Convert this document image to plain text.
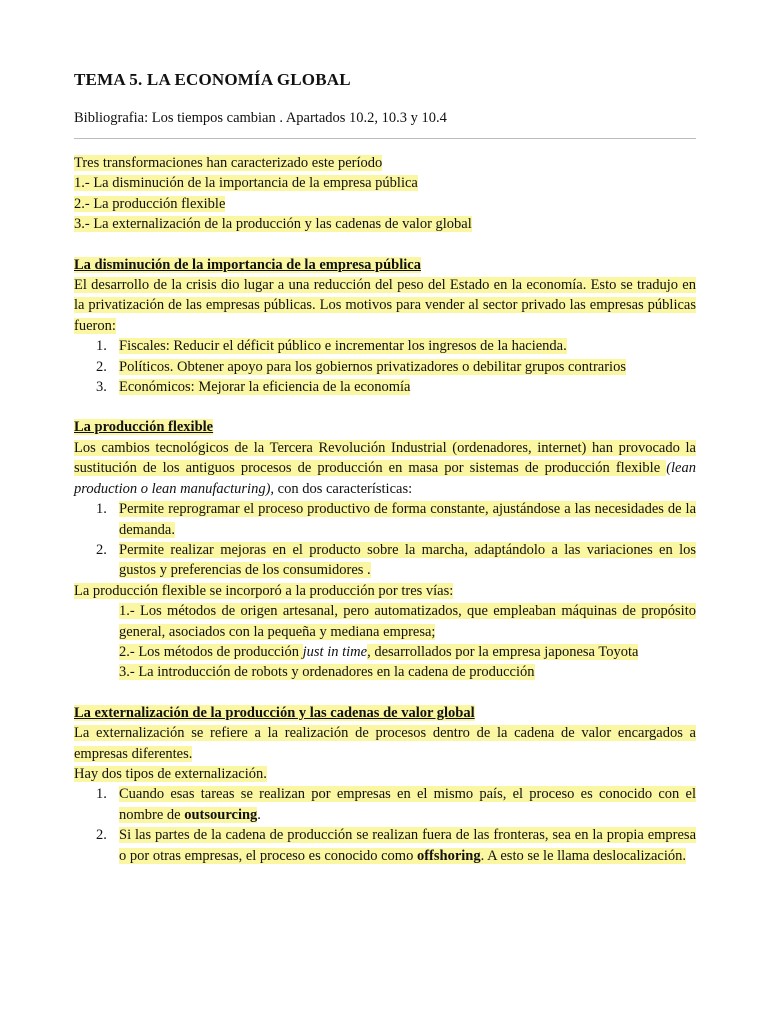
TEMA 5. LA ECONOMÍA GLOBAL

Bibliografia: Los tiempos cambian . Apartados 10.2, 10.3 y 10.4

Tres transformaciones han caracterizado este período

1.- La disminución de la importancia de la empresa pública

2.- La producción flexible

3.- La externalización de la producción y las cadenas de valor global

La disminución de la importancia de la empresa pública

El desarrollo de la crisis dio lugar a una reducción del peso del Estado en la economía. Esto se tradujo en la privatización de las empresas públicas. Los motivos para vender al sector privado las empresas públicas fueron:

1. Fiscales: Reducir el déficit público e incrementar los ingresos de la hacienda.
2. Políticos. Obtener apoyo para los gobiernos privatizadores o debilitar grupos contrarios
3. Económicos: Mejorar la eficiencia de la economía

La producción flexible

Los cambios tecnológicos de la Tercera Revolución Industrial (ordenadores, internet) han provocado la sustitución de los antiguos procesos de producción en masa por sistemas de producción flexible (lean production o lean manufacturing), con dos características:

1. Permite reprogramar el proceso productivo de forma constante, ajustándose a las necesidades de la demanda.
2. Permite realizar mejoras en el producto sobre la marcha, adaptándolo a las variaciones en los gustos y preferencias de los consumidores .

La producción flexible se incorporó a la producción por tres vías:

1.- Los métodos de origen artesanal, pero automatizados, que empleaban máquinas de propósito general, asociados con la pequeña y mediana empresa;

2.- Los métodos de producción just in time, desarrollados por la empresa japonesa Toyota

3.- La introducción de robots y ordenadores en la cadena de producción

La externalización de la producción y las cadenas de valor global

La externalización se refiere a la realización de procesos dentro de la cadena de valor encargados a empresas diferentes.

Hay dos tipos de externalización.

1. Cuando esas tareas se realizan por empresas en el mismo país, el proceso es conocido con el nombre de outsourcing.
2. Si las partes de la cadena de producción se realizan fuera de las fronteras, sea en la propia empresa o por otras empresas, el proceso es conocido como offshoring. A esto se le llama deslocalización.
